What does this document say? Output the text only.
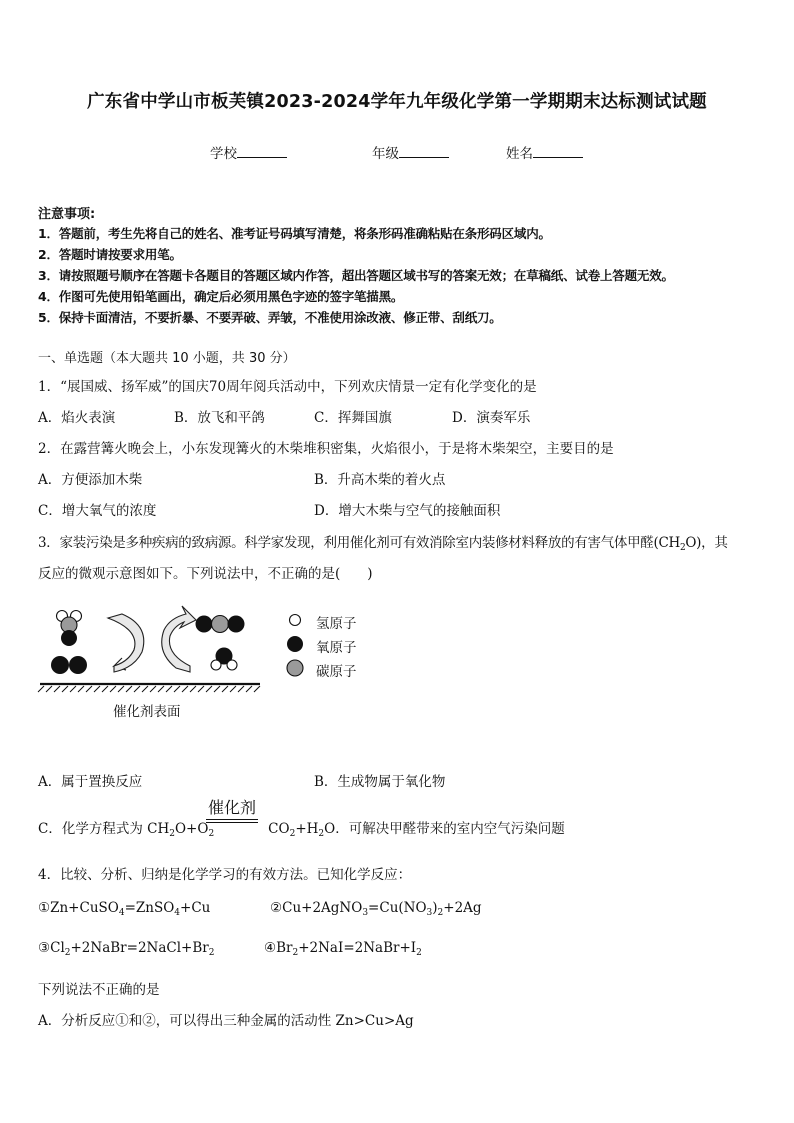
广东省中学山市板芙镇2023-2024学年九年级化学第一学期期末达标测试试题
学校	年级	姓名
注意事项:
1．答题前，考生先将自己的姓名、准考证号码填写清楚，将条形码准确粘贴在条形码区域内。
2．答题时请按要求用笔。
3．请按照题号顺序在答题卡各题目的答题区域内作答，超出答题区域书写的答案无效；在草稿纸、试卷上答题无效。
4．作图可先使用铅笔画出，确定后必须用黑色字迹的签字笔描黑。
5．保持卡面清洁，不要折暴、不要弄破、弄皱，不准使用涂改液、修正带、刮纸刀。
一、单选题（本大题共 10 小题，共 30 分）
1．“展国威、扬军威”的国庆70周年阅兵活动中，下列欢庆情景一定有化学变化的是
A．焰火表演	B．放飞和平鸽	C．挥舞国旗	D．演奏军乐
2．在露营篝火晚会上，小东发现篝火的木柴堆积密集，火焰很小，于是将木柴架空，主要目的是
A．方便添加木柴	B．升高木柴的着火点
C．增大氧气的浓度	D．增大木柴与空气的接触面积
3．家装污染是多种疾病的致病源。科学家发现，利用催化剂可有效消除室内装修材料释放的有害气体甲醛$(CH_2O)$，其
反应的微观示意图如下。下列说法中，不正确的是(　　)
氢原子
氧原子
碳原子
催化剂表面
A．属于置换反应	B．生成物属于氧化物
催化剂
C．化学方程式为 $CH_2O+O_2$	$CO_2+H_2O$．可解决甲醛带来的室内空气污染问题
4．比较、分析、归纳是化学学习的有效方法。已知化学反应：
①Zn+CuSO$_4$=ZnSO$_4$+Cu	$②Cu+2AgNO_3=Cu(NO_3)_2+2Ag$
$③Cl_2+2NaBr=2NaCl+Br_2$	$④Br_2+2NaI=2NaBr+I_2$
下列说法不正确的是
A．分析反应①和②，可以得出三种金属的活动性 Zn>Cu>Ag
